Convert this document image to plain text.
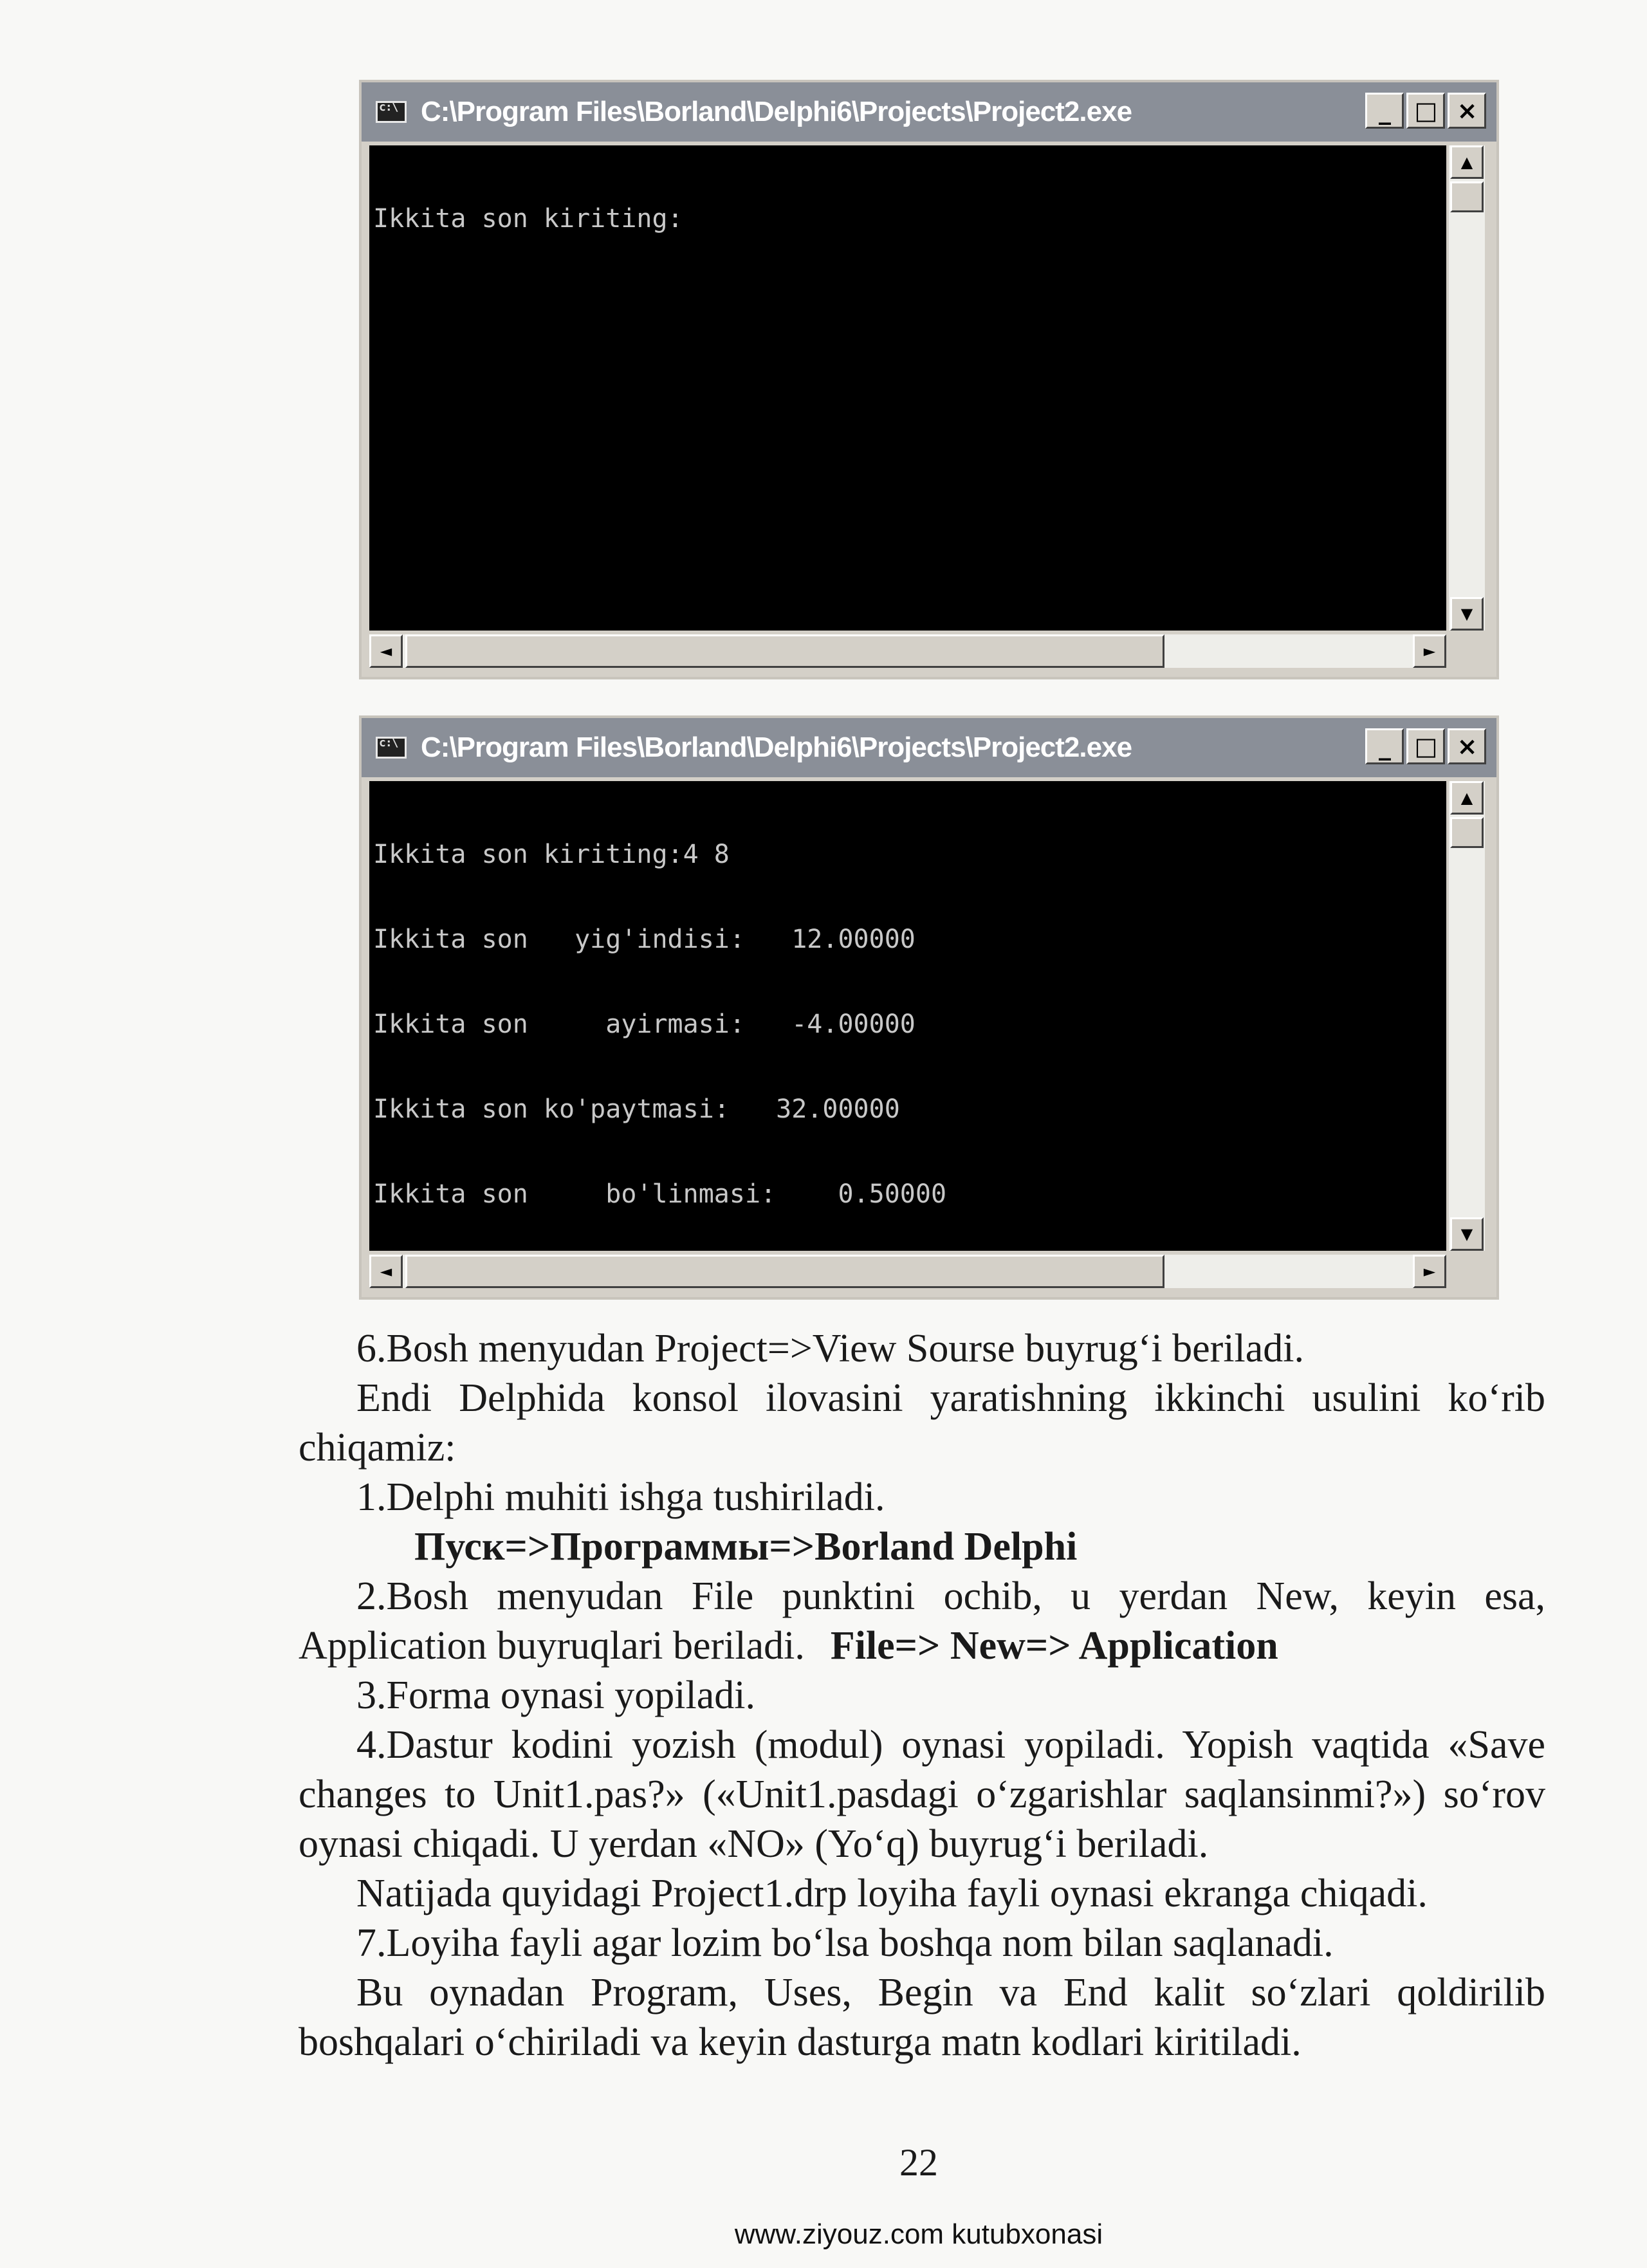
c:\
C:\Program Files\Borland\Delphi6\Projects\Project2.exe	_ □ ×

Ikkita son kiriting:

▲
▼
◄	►
c:\
C:\Program Files\Borland\Delphi6\Projects\Project2.exe	_ □ ×

Ikkita son kiriting:4 8

Ikkita son   yig'indisi:   12.00000

Ikkita son     ayirmasi:   -4.00000

Ikkita son ko'paytmasi:   32.00000

Ikkita son     bo'linmasi:    0.50000

▲
▼
◄	►

6.Bosh menyudan Project=>View Sourse buyrug‘i beriladi.

Endi Delphida konsol ilovasini yaratishning ikkinchi usulini ko‘rib chiqamiz:

1.Delphi muhiti ishga tushiriladi.

Пуск=>Программы=>Borland Delphi

2.Bosh menyudan File punktini ochib, u yerdan New, keyin esa, Application buyruqlari beriladi. File=> New=> Application

3.Forma oynasi yopiladi.

4.Dastur kodini yozish (modul) oynasi yopiladi. Yopish vaqtida «Save changes to Unit1.pas?» («Unit1.pasdagi o‘zgarishlar saqlansinmi?») so‘rov oynasi chiqadi. U yerdan «NO» (Yo‘q) buyrug‘i beriladi.

Natijada quyidagi Project1.drp loyiha fayli oynasi ekranga chiqadi.

7.Loyiha fayli agar lozim bo‘lsa boshqa nom bilan saqlanadi.

Bu oynadan Program, Uses, Begin va End kalit so‘zlari qoldirilib boshqalari o‘chiriladi va keyin dasturga matn kodlari kiritiladi.

22
www.ziyouz.com kutubxonasi
